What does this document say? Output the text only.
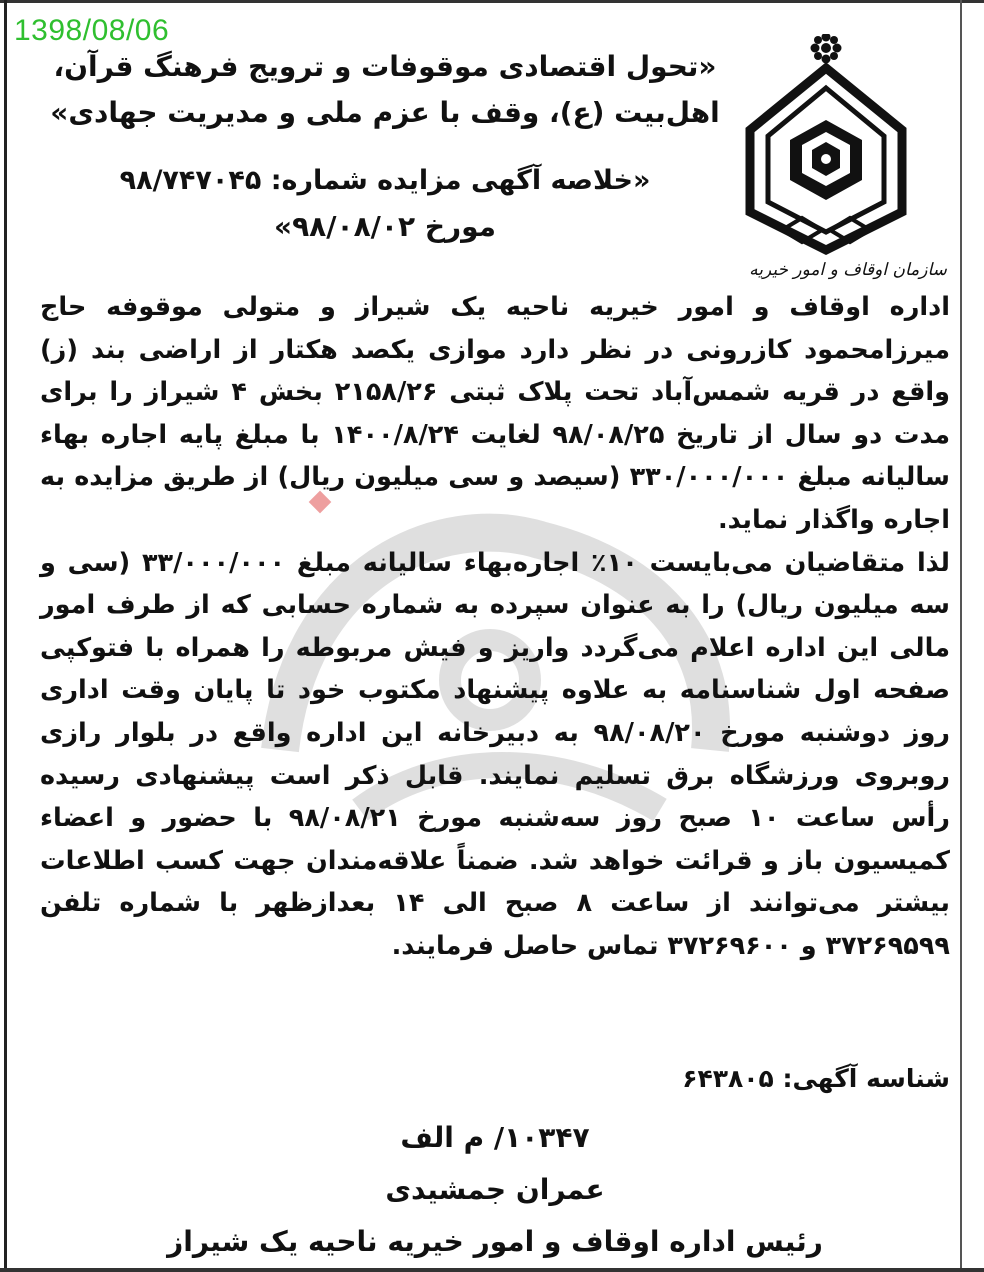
1398/08/06
سازمان اوقاف و امور خیریه
«تحول اقتصادی موقوفات و ترویج فرهنگ قرآن،
اهل‌بیت (ع)، وقف با عزم ملی و مدیریت جهادی»
«خلاصه آگهی مزایده شماره: ۹۸/۷۴۷۰۴۵
مورخ ۹۸/۰۸/۰۲»

اداره اوقاف و امور خیریه ناحیه یک شیراز و متولی موقوفه حاج میرزامحمود کازرونی در نظر دارد موازی یکصد هکتار از اراضی بند (ز) واقع در قریه شمس‌آباد تحت پلاک ثبتی ۲۱۵۸/۲۶ بخش ۴ شیراز را برای مدت دو سال از تاریخ ۹۸/۰۸/۲۵ لغایت ۱۴۰۰/۸/۲۴ با مبلغ پایه اجاره بهاء سالیانه مبلغ ۳۳۰/۰۰۰/۰۰۰ (سیصد و سی میلیون ریال) از طریق مزایده به اجاره واگذار نماید.

لذا متقاضیان می‌بایست ۱۰٪ اجاره‌بهاء سالیانه مبلغ ۳۳/۰۰۰/۰۰۰ (سی و سه میلیون ریال) را به عنوان سپرده به شماره حسابی که از طرف امور مالی این اداره اعلام می‌گردد واریز و فیش مربوطه را همراه با فتوکپی صفحه اول شناسنامه به علاوه پیشنهاد مکتوب خود تا پایان وقت اداری روز دوشنبه مورخ ۹۸/۰۸/۲۰ به دبیرخانه این اداره واقع در بلوار رازی روبروی ورزشگاه برق تسلیم نمایند. قابل ذکر است پیشنهادی رسیده رأس ساعت ۱۰ صبح روز سه‌شنبه مورخ ۹۸/۰۸/۲۱ با حضور و اعضاء کمیسیون باز و قرائت خواهد شد. ضمناً علاقه‌مندان جهت کسب اطلاعات بیشتر می‌توانند از ساعت ۸ صبح الی ۱۴ بعدازظهر با شماره تلفن ۳۷۲۶۹۵۹۹ و ۳۷۲۶۹۶۰۰ تماس حاصل فرمایند.

شناسه آگهی: ۶۴۳۸۰۵
۱۰۳۴۷/ م الف
عمران جمشیدی
رئیس اداره اوقاف و امور خیریه ناحیه یک شیراز
